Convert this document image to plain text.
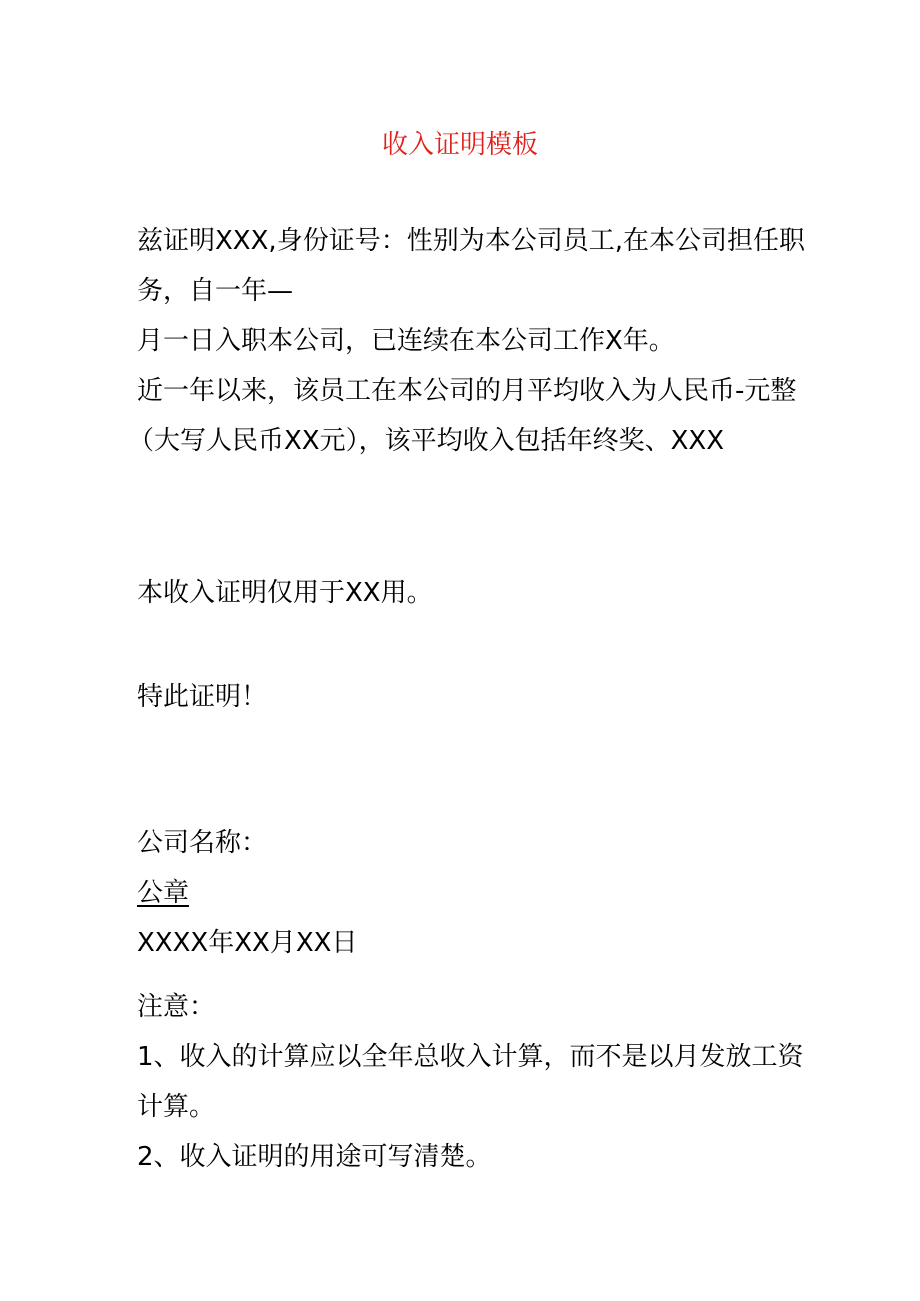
收入证明模板
兹证明XXX,身份证号：性别为本公司员工,在本公司担任职
务，自一年—
月一日入职本公司，已连续在本公司工作X年。
近一年以来，该员工在本公司的月平均收入为人民币-元整
（大写人民币XX元），该平均收入包括年终奖、XXX
本收入证明仅用于XX用。
特此证明！
公司名称：
公章
XXXX年XX月XX日
注意：
1、收入的计算应以全年总收入计算，而不是以月发放工资
计算。
2、收入证明的用途可写清楚。
